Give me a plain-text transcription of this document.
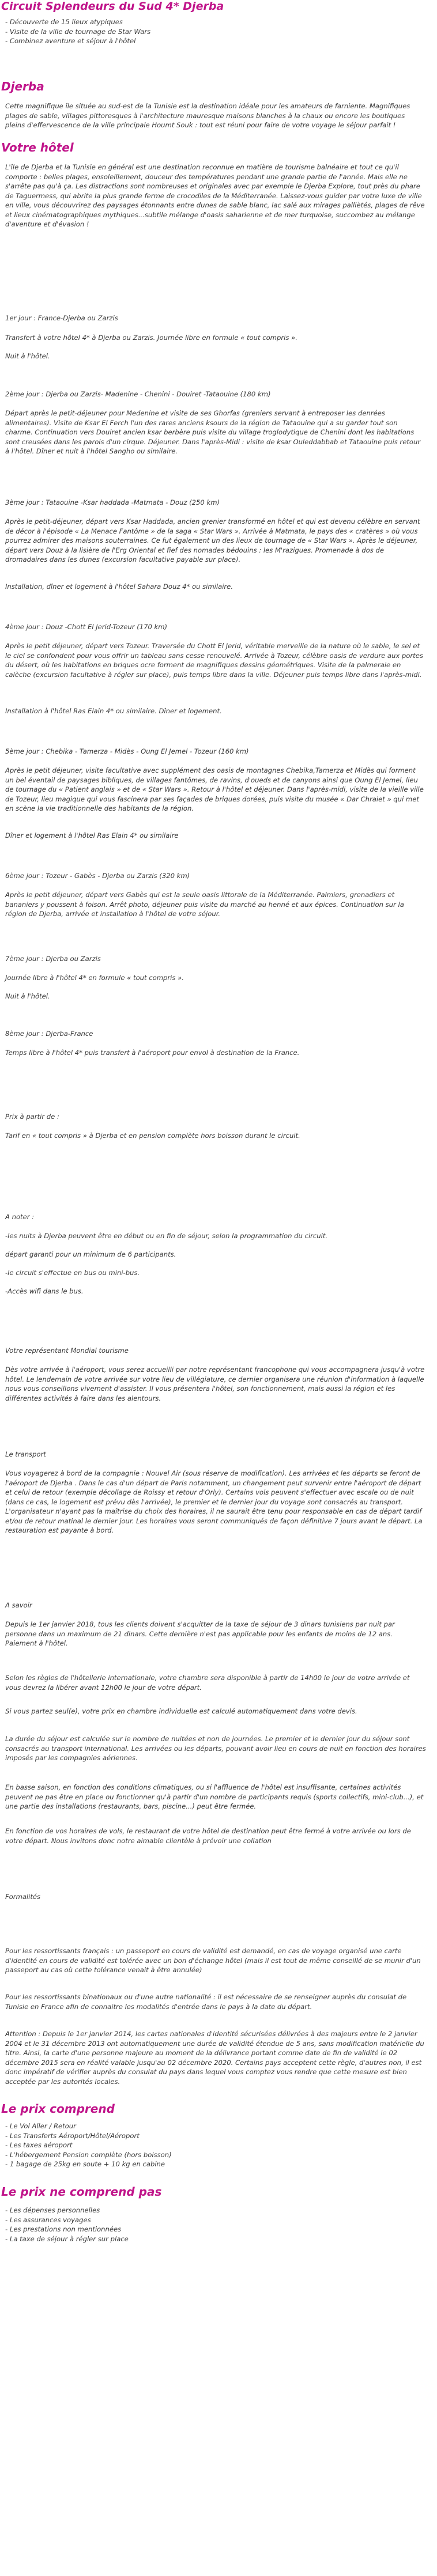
Circuit Splendeurs du Sud 4* Djerba
- Découverte de 15 lieux atypiques
- Visite de la ville de tournage de Star Wars
- Combinez aventure et séjour à l'hôtel
Djerba

Cette magnifique île située au sud-est de la Tunisie est la destination idéale pour les amateurs de farniente. Magnifiques plages de sable, villages pittoresques à l'architecture mauresque maisons blanches à la chaux ou encore les boutiques pleins d'effervescence de la ville principale Houmt Souk : tout est réuni pour faire de votre voyage le séjour parfait !

Votre hôtel

L'île de Djerba et la Tunisie en général est une destination reconnue en matière de tourisme balnéaire et tout ce qu'il comporte : belles plages, ensoleillement, douceur des températures pendant une grande partie de l'année. Mais elle ne s'arrête pas qu'à ça. Les distractions sont nombreuses et originales avec par exemple le Djerba Explore, tout près du phare de Taguermess, qui abrite la plus grande ferme de crocodiles de la Méditerranée. Laissez-vous guider par votre luxe de ville en ville, vous découvrirez des paysages étonnants entre dunes de sable blanc, lac salé aux mirages palliètés, plages de rêve et lieux cinématographiques mythiques...subtile mélange d'oasis saharienne et de mer turquoise, succombez au mélange d'aventure et d'évasion !

1er jour : France-Djerba ou Zarzis

Transfert à votre hôtel 4* à Djerba ou Zarzis. Journée libre en formule « tout compris ».

Nuit à l'hôtel.

2ème jour : Djerba ou Zarzis- Madenine - Chenini - Douiret -Tataouine (180 km)

Départ après le petit-déjeuner pour Medenine et visite de ses Ghorfas (greniers servant à entreposer les denrées alimentaires). Visite de Ksar El Ferch l'un des rares anciens ksours de la région de Tataouine qui a su garder tout son charme. Continuation vers Douiret ancien ksar berbère puis visite du village troglodytique de Chenini dont les habitations sont creusées dans les parois d'un cirque. Déjeuner. Dans l'après-Midi : visite de ksar Ouleddabbab et Tataouine puis retour à l'hôtel. Dîner et nuit à l'hôtel Sangho ou similaire.

3ème jour : Tataouine -Ksar haddada -Matmata - Douz (250 km)

Après le petit-déjeuner, départ vers Ksar Haddada, ancien grenier transformé en hôtel et qui est devenu célèbre en servant de décor à l'épisode « La Menace Fantôme » de la saga « Star Wars ». Arrivée à Matmata, le pays des « cratères » où vous pourrez admirer des maisons souterraines. Ce fut également un des lieux de tournage de « Star Wars ». Après le déjeuner, départ vers Douz à la lisière de l'Erg Oriental et fief des nomades bédouins : les M'razigues. Promenade à dos de dromadaires dans les dunes (excursion facultative payable sur place).

Installation, dîner et logement à l'hôtel Sahara Douz 4* ou similaire.

4ème jour : Douz -Chott El Jerid-Tozeur (170 km)

Après le petit déjeuner, départ vers Tozeur. Traversée du Chott El Jerid, véritable merveille de la nature où le sable, le sel et le ciel se confondent pour vous offrir un tableau sans cesse renouvelé. Arrivée à Tozeur, célèbre oasis de verdure aux portes du désert, où les habitations en briques ocre forment de magnifiques dessins géométriques. Visite de la palmeraie en calèche (excursion facultative à régler sur place), puis temps libre dans la ville. Déjeuner puis temps libre dans l'après-midi.

Installation à l'hôtel Ras Elain 4* ou similaire. Dîner et logement.

5ème jour : Chebika - Tamerza - Midès - Oung El Jemel - Tozeur (160 km)

Après le petit déjeuner, visite facultative avec supplément des oasis de montagnes Chebika,Tamerza et Midès qui forment un bel éventail de paysages bibliques, de villages fantômes, de ravins, d'oueds et de canyons ainsi que Oung El Jemel, lieu de tournage du « Patient anglais » et de « Star Wars ». Retour à l'hôtel et déjeuner. Dans l'après-midi, visite de la vieille ville de Tozeur, lieu magique qui vous fascinera par ses façades de briques dorées, puis visite du musée « Dar Chraiet » qui met en scène la vie traditionnelle des habitants de la région.

Dîner et logement à l'hôtel Ras Elain 4* ou similaire

6ème jour : Tozeur - Gabès - Djerba ou Zarzis (320 km)

Après le petit déjeuner, départ vers Gabès qui est la seule oasis littorale de la Méditerranée. Palmiers, grenadiers et bananiers y poussent à foison. Arrêt photo, déjeuner puis visite du marché au henné et aux épices. Continuation sur la région de Djerba, arrivée et installation à l'hôtel de votre séjour.

7ème jour : Djerba ou Zarzis

Journée libre à l'hôtel 4* en formule « tout compris ».

Nuit à l'hôtel.

8ème jour : Djerba-France

Temps libre à l'hôtel 4* puis transfert à l'aéroport pour envol à destination de la France.

Prix à partir de :

Tarif en « tout compris » à Djerba et en pension complète hors boisson durant le circuit.

A noter :

-les nuits à Djerba peuvent être en début ou en fin de séjour, selon la programmation du circuit.

départ garanti pour un minimum de 6 participants.

-le circuit s'effectue en bus ou mini-bus.

-Accès wifi dans le bus.

Votre représentant Mondial tourisme

Dès votre arrivée à l'aéroport, vous serez accueilli par notre représentant francophone qui vous accompagnera jusqu'à votre hôtel. Le lendemain de votre arrivée sur votre lieu de villégiature, ce dernier organisera une réunion d'information à laquelle nous vous conseillons vivement d'assister. Il vous présentera l'hôtel, son fonctionnement, mais aussi la région et les différentes activités à faire dans les alentours.

Le transport

Vous voyagerez à bord de la compagnie : Nouvel Air (sous réserve de modification). Les arrivées et les départs se feront de l'aéroport de Djerba . Dans le cas d'un départ de Paris notamment, un changement peut survenir entre l'aéroport de départ et celui de retour (exemple décollage de Roissy et retour d'Orly). Certains vols peuvent s'effectuer avec escale ou de nuit (dans ce cas, le logement est prévu dès l'arrivée), le premier et le dernier jour du voyage sont consacrés au transport. L'organisateur n'ayant pas la maîtrise du choix des horaires, il ne saurait être tenu pour responsable en cas de départ tardif et/ou de retour matinal le dernier jour. Les horaires vous seront communiqués de façon définitive 7 jours avant le départ. La restauration est payante à bord.

A savoir

Depuis le 1er janvier 2018, tous les clients doivent s'acquitter de la taxe de séjour de 3 dinars tunisiens par nuit par personne dans un maximum de 21 dinars. Cette dernière n'est pas applicable pour les enfants de moins de 12 ans. Paiement à l'hôtel.

Selon les règles de l'hôtellerie internationale, votre chambre sera disponible à partir de 14h00 le jour de votre arrivée et vous devrez la libérer avant 12h00 le jour de votre départ.

Si vous partez seul(e), votre prix en chambre individuelle est calculé automatiquement dans votre devis.

La durée du séjour est calculée sur le nombre de nuitées et non de journées. Le premier et le dernier jour du séjour sont consacrés au transport international. Les arrivées ou les départs, pouvant avoir lieu en cours de nuit en fonction des horaires imposés par les compagnies aériennes.

En basse saison, en fonction des conditions climatiques, ou si l'affluence de l'hôtel est insuffisante, certaines activités peuvent ne pas être en place ou fonctionner qu'à partir d'un nombre de participants requis (sports collectifs, mini-club...), et une partie des installations (restaurants, bars, piscine...) peut être fermée.

En fonction de vos horaires de vols, le restaurant de votre hôtel de destination peut être fermé à votre arrivée ou lors de votre départ. Nous invitons donc notre aimable clientèle à prévoir une collation

Formalités

Pour les ressortissants français : un passeport en cours de validité est demandé, en cas de voyage organisé une carte d'identité en cours de validité est tolérée avec un bon d'échange hôtel (mais il est tout de même conseillé de se munir d'un passeport au cas où cette tolérance venait à être annulée)

Pour les ressortissants binationaux ou d'une autre nationalité : il est nécessaire de se renseigner auprès du consulat de Tunisie en France afin de connaitre les modalités d'entrée dans le pays à la date du départ.

Attention : Depuis le 1er janvier 2014, les cartes nationales d'identité sécurisées délivrées à des majeurs entre le 2 janvier 2004 et le 31 décembre 2013 ont automatiquement une durée de validité étendue de 5 ans, sans modification matérielle du titre. Ainsi, la carte d'une personne majeure au moment de la délivrance portant comme date de fin de validité le 02 décembre 2015 sera en réalité valable jusqu'au 02 décembre 2020. Certains pays acceptent cette règle, d'autres non, il est donc impératif de vérifier auprès du consulat du pays dans lequel vous comptez vous rendre que cette mesure est bien acceptée par les autorités locales.

Le prix comprend
- Le Vol Aller / Retour
- Les Transferts Aéroport/Hôtel/Aéroport
- Les taxes aéroport
- L'hébergement Pension complète (hors boisson)
- 1 bagage de 25kg en soute + 10 kg en cabine
Le prix ne comprend pas
- Les dépenses personnelles
- Les assurances voyages
- Les prestations non mentionnées
- La taxe de séjour à régler sur place
